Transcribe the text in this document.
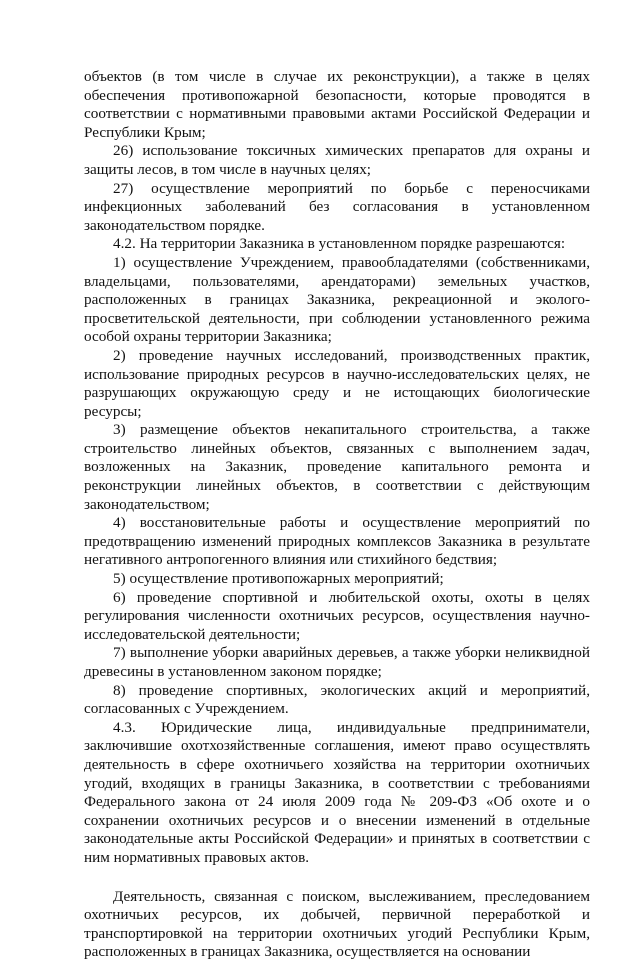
объектов (в том числе в случае их реконструкции), а также в целях обеспечения противопожарной безопасности, которые проводятся в соответствии с нормативными правовыми актами Российской Федерации и Республики Крым;

26) использование токсичных химических препаратов для охраны и защиты лесов, в том числе в научных целях;

27) осуществление мероприятий по борьбе с переносчиками инфекционных заболеваний без согласования в установленном законодательством порядке.

4.2. На территории Заказника в установленном порядке разрешаются:

1) осуществление Учреждением, правообладателями (собственниками, владельцами, пользователями, арендаторами) земельных участков, расположенных в границах Заказника, рекреационной и эколого-просветительской деятельности, при соблюдении установленного режима особой охраны территории Заказника;

2) проведение научных исследований, производственных практик, использование природных ресурсов в научно-исследовательских целях, не разрушающих окружающую среду и не истощающих биологические ресурсы;

3) размещение объектов некапитального строительства, а также строительство линейных объектов, связанных с выполнением задач, возложенных на Заказник, проведение капитального ремонта и реконструкции линейных объектов, в соответствии с действующим законодательством;

4) восстановительные работы и осуществление мероприятий по предотвращению изменений природных комплексов Заказника в результате негативного антропогенного влияния или стихийного бедствия;

5) осуществление противопожарных мероприятий;

6) проведение спортивной и любительской охоты, охоты в целях регулирования численности охотничьих ресурсов, осуществления научно-исследовательской деятельности;

7) выполнение уборки аварийных деревьев, а также уборки неликвидной древесины в установленном законом порядке;

8) проведение спортивных, экологических акций и мероприятий, согласованных с Учреждением.

4.3. Юридические лица, индивидуальные предприниматели, заключившие охотхозяйственные соглашения, имеют право осуществлять деятельность в сфере охотничьего хозяйства на территории охотничьих угодий, входящих в границы Заказника, в соответствии с требованиями Федерального закона от 24 июля 2009 года № 209-ФЗ «Об охоте и о сохранении охотничьих ресурсов и о внесении изменений в отдельные законодательные акты Российской Федерации» и принятых в соответствии с ним нормативных правовых актов.

Деятельность, связанная с поиском, выслеживанием, преследованием охотничьих ресурсов, их добычей, первичной переработкой и транспортировкой на территории охотничьих угодий Республики Крым, расположенных в границах Заказника, осуществляется на основании
